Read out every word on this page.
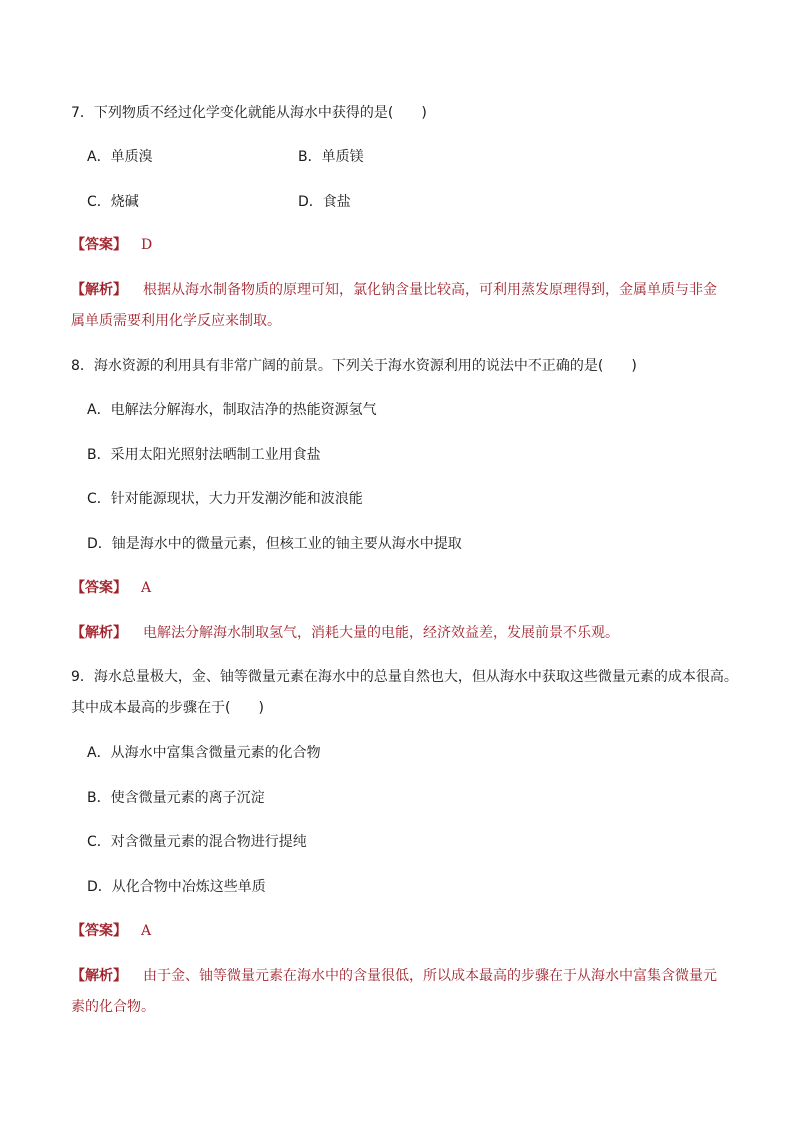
7．下列物质不经过化学变化就能从海水中获得的是(　　)
A．单质溴	B．单质镁
C．烧碱	D．食盐
【答案】 D
【解析】 根据从海水制备物质的原理可知，氯化钠含量比较高，可利用蒸发原理得到，金属单质与非金
属单质需要利用化学反应来制取。
8．海水资源的利用具有非常广阔的前景。下列关于海水资源利用的说法中不正确的是(　　)
A．电解法分解海水，制取洁净的热能资源氢气
B．采用太阳光照射法晒制工业用食盐
C．针对能源现状，大力开发潮汐能和波浪能
D．铀是海水中的微量元素，但核工业的铀主要从海水中提取
【答案】 A
【解析】 电解法分解海水制取氢气，消耗大量的电能，经济效益差，发展前景不乐观。
9．海水总量极大，金、铀等微量元素在海水中的总量自然也大，但从海水中获取这些微量元素的成本很高。
其中成本最高的步骤在于(　　)
A．从海水中富集含微量元素的化合物
B．使含微量元素的离子沉淀
C．对含微量元素的混合物进行提纯
D．从化合物中冶炼这些单质
【答案】 A
【解析】 由于金、铀等微量元素在海水中的含量很低，所以成本最高的步骤在于从海水中富集含微量元
素的化合物。
